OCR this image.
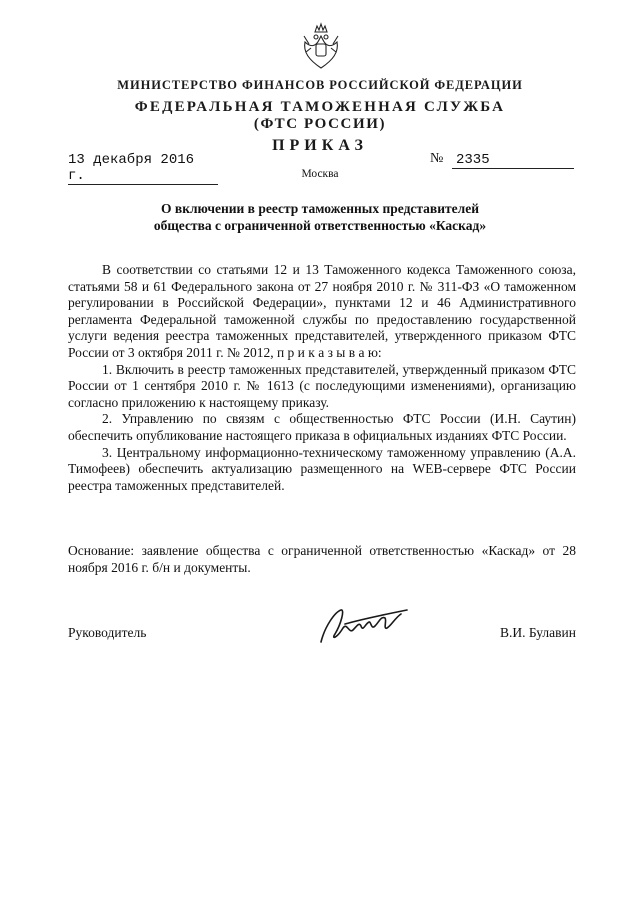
МИНИСТЕРСТВО ФИНАНСОВ РОССИЙСКОЙ ФЕДЕРАЦИИ
ФЕДЕРАЛЬНАЯ ТАМОЖЕННАЯ СЛУЖБА
(ФТС РОССИИ)
ПРИКАЗ
13 декабря 2016 г.
№ 2335
Москва
О включении в реестр таможенных представителей
общества с ограниченной ответственностью «Каскад»

В соответствии со статьями 12 и 13 Таможенного кодекса Таможенного союза, статьями 58 и 61 Федерального закона от 27 ноября 2010 г. № 311-ФЗ «О таможенном регулировании в Российской Федерации», пунктами 12 и 46 Административного регламента Федеральной таможенной службы по предоставлению государственной услуги ведения реестра таможенных представителей, утвержденного приказом ФТС России от 3 октября 2011 г. № 2012, п р и к а з ы в а ю:

1. Включить в реестр таможенных представителей, утвержденный приказом ФТС России от 1 сентября 2010 г. № 1613 (с последующими изменениями), организацию согласно приложению к настоящему приказу.

2. Управлению по связям с общественностью ФТС России (И.Н. Саутин) обеспечить опубликование настоящего приказа в официальных изданиях ФТС России.

3. Центральному информационно-техническому таможенному управлению (А.А. Тимофеев) обеспечить актуализацию размещенного на WEB-сервере ФТС России реестра таможенных представителей.

Основание: заявление общества с ограниченной ответственностью «Каскад» от 28 ноября 2016 г. б/н и документы.

Руководитель	В.И. Булавин
